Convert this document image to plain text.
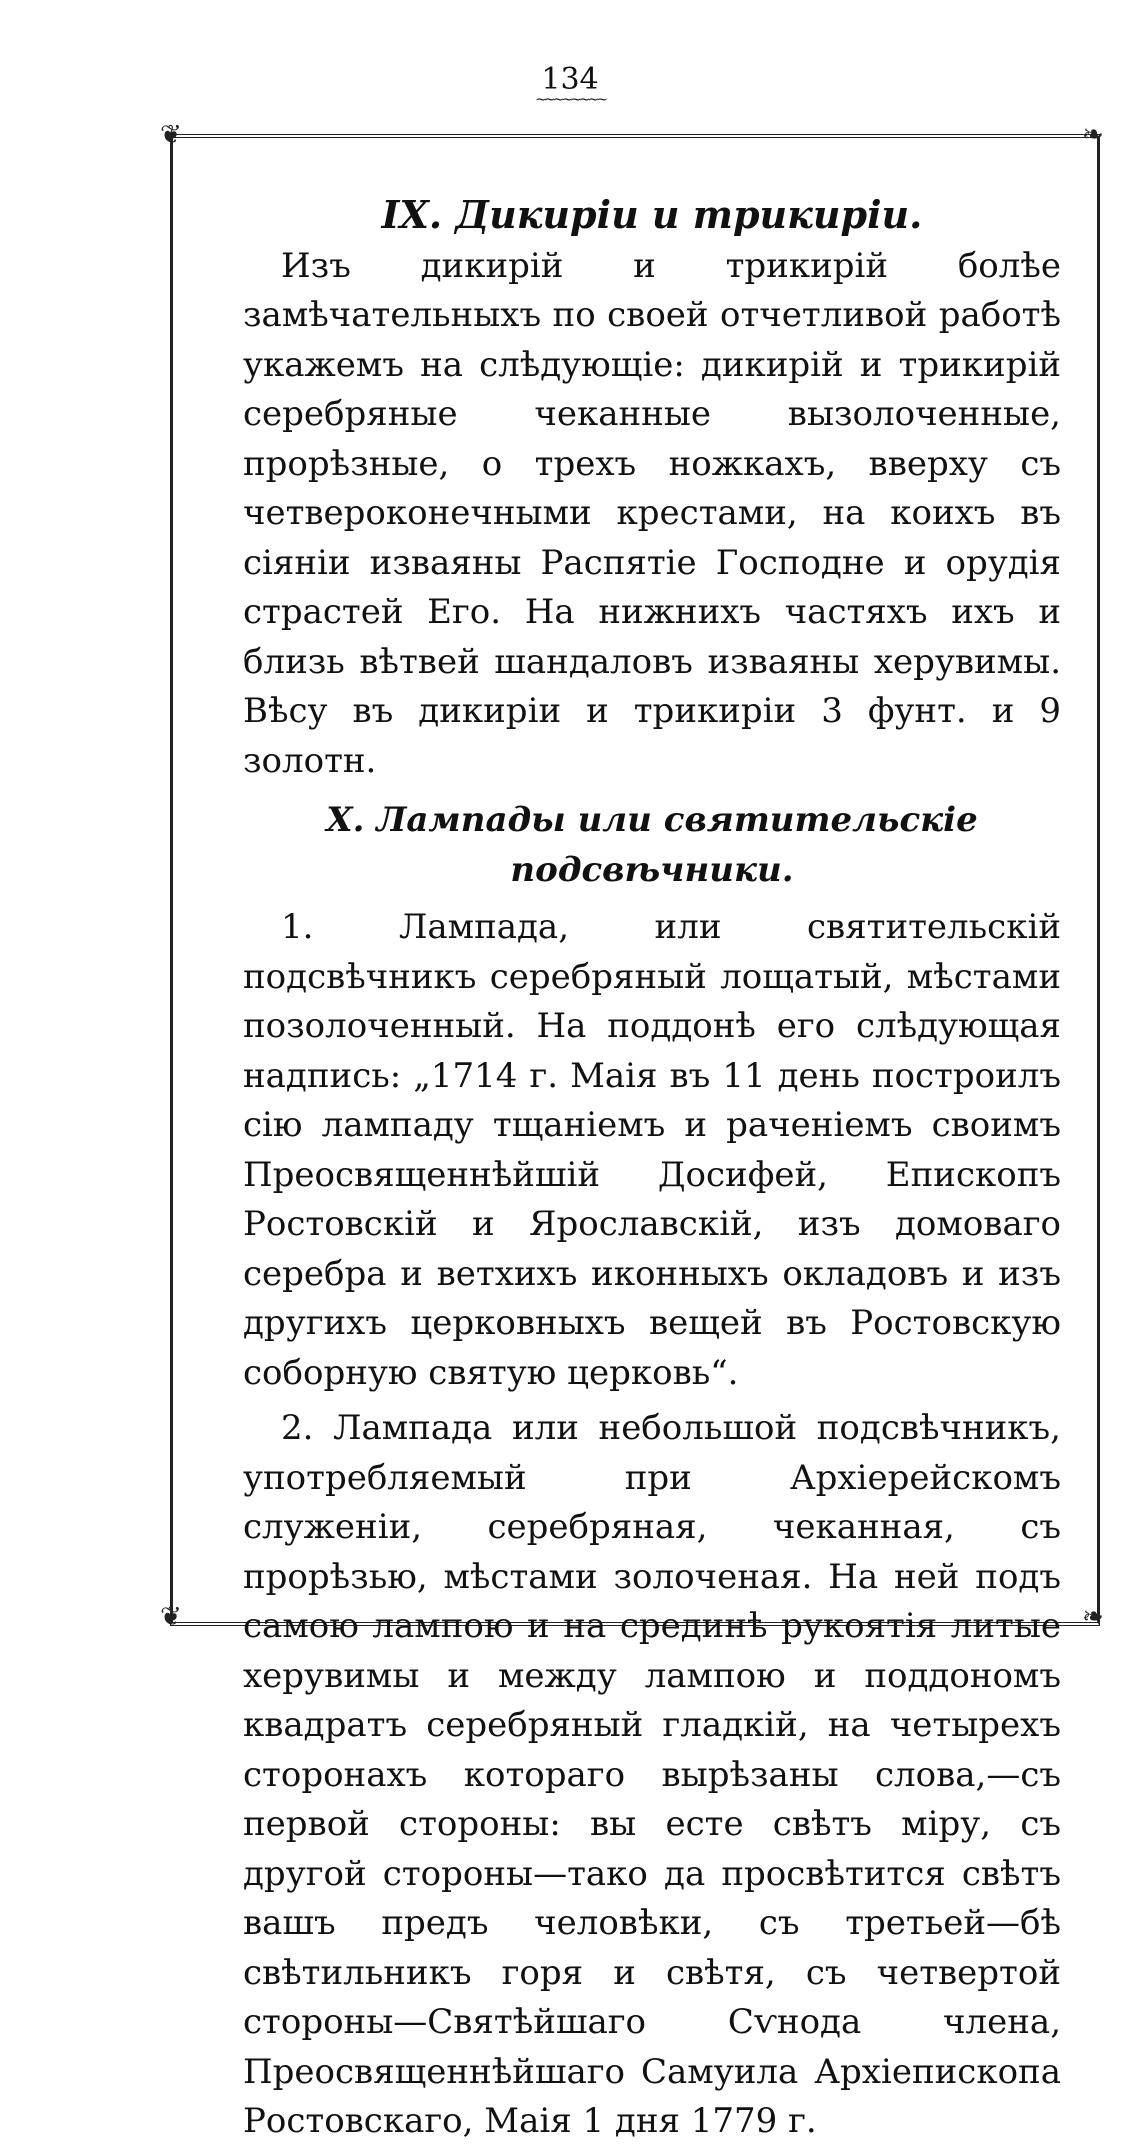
134
~~~~~~~~
❦	❧
❦	❧
IX. Дикиріи и трикиріи.

Изъ дикирій и трикирій болѣе замѣчательныхъ по своей отчетливой работѣ укажемъ на слѣдующіе: дикирій и трикирій серебряные чеканные вызолоченные, прорѣзные, о трехъ ножкахъ, вверху съ четвероконечными крестами, на коихъ въ сіяніи изваяны Распятіе Господне и орудія страстей Его. На нижнихъ частяхъ ихъ и близь вѣтвей шандаловъ изваяны херувимы. Вѣсу въ дикиріи и трикиріи 3 фунт. и 9 золотн.

X. Лампады или святительскіе подсвѣчники.

1. Лампада, или святительскій подсвѣчникъ серебряный лощатый, мѣстами позолоченный. На поддонѣ его слѣдующая надпись: „1714 г. Маія въ 11 день построилъ сію лампаду тщаніемъ и раченіемъ своимъ Преосвященнѣйшій Досифей, Епископъ Ростовскій и Ярославскій, изъ домоваго серебра и ветхихъ иконныхъ окладовъ и изъ другихъ церковныхъ вещей въ Ростовскую соборную святую церковь“.

2. Лампада или небольшой подсвѣчникъ, употребляемый при Архіерейскомъ служеніи, серебряная, чеканная, съ прорѣзью, мѣстами золоченая. На ней подъ самою лампою и на срединѣ рукоятія литые херувимы и между лампою и поддономъ квадратъ серебряный гладкій, на четырехъ сторонахъ котораго вырѣзаны слова,—съ первой стороны: вы есте свѣтъ міру, съ другой стороны—тако да просвѣтится свѣтъ вашъ предъ человѣки, съ третьей—бѣ свѣтильникъ горя и свѣтя, съ четвертой стороны—Святѣйшаго Сѵнода члена, Преосвященнѣйшаго Самуила Архіепископа Ростовскаго, Маія 1 дня 1779 г.
